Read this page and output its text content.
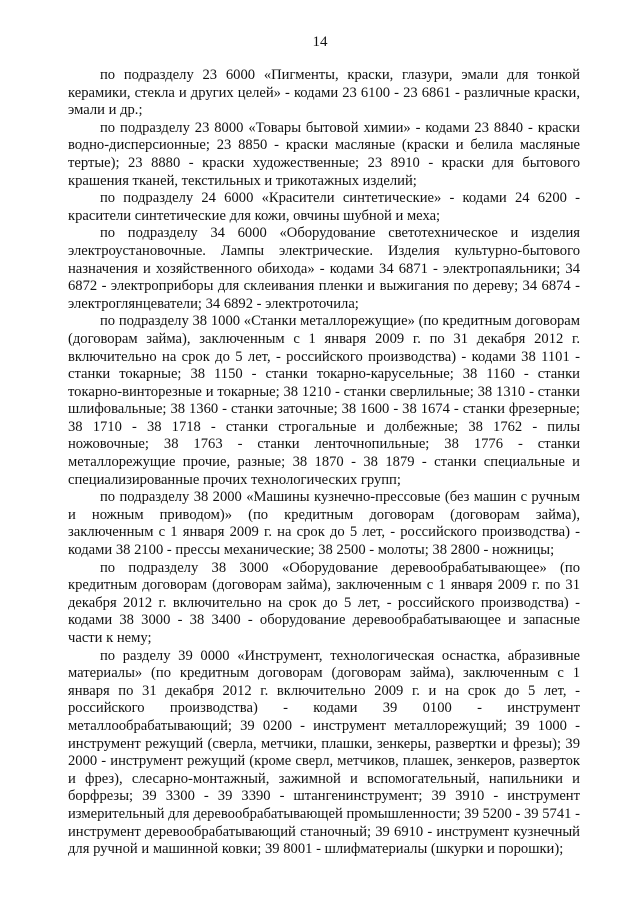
14

по подразделу 23 6000 «Пигменты, краски, глазури, эмали для тонкой керамики, стекла и других целей» - кодами 23 6100 - 23 6861 - различные краски, эмали и др.;

по подразделу 23 8000 «Товары бытовой химии» - кодами 23 8840 - краски водно-дисперсионные; 23 8850 - краски масляные (краски и белила масляные тертые); 23 8880 - краски художественные; 23 8910 - краски для бытового крашения тканей, текстильных и трикотажных изделий;

по подразделу 24 6000 «Красители синтетические» - кодами 24 6200 - красители синтетические для кожи, овчины шубной и меха;

по подразделу 34 6000 «Оборудование светотехническое и изделия электроустановочные. Лампы электрические. Изделия культурно-бытового назначения и хозяйственного обихода» - кодами 34 6871 - электропаяльники; 34 6872 - электроприборы для склеивания пленки и выжигания по дереву; 34 6874 - электроглянцеватели; 34 6892 - электроточила;

по подразделу 38 1000 «Станки металлорежущие» (по кредитным договорам (договорам займа), заключенным с 1 января 2009 г. по 31 декабря 2012 г. включительно на срок до 5 лет, - российского производства) - кодами 38 1101 - станки токарные; 38 1150 - станки токарно-карусельные; 38 1160 - станки токарно-винторезные и токарные; 38 1210 - станки сверлильные; 38 1310 - станки шлифовальные; 38 1360 - станки заточные; 38 1600 - 38 1674 - станки фрезерные; 38 1710 - 38 1718 - станки строгальные и долбежные; 38 1762 - пилы ножовочные; 38 1763 - станки ленточнопильные; 38 1776 - станки металлорежущие прочие, разные; 38 1870 - 38 1879 - станки специальные и специализированные прочих технологических групп;

по подразделу 38 2000 «Машины кузнечно-прессовые (без машин с ручным и ножным приводом)» (по кредитным договорам (договорам займа), заключенным с 1 января 2009 г. на срок до 5 лет, - российского производства) - кодами 38 2100 - прессы механические; 38 2500 - молоты; 38 2800 - ножницы;

по подразделу 38 3000 «Оборудование деревообрабатывающее» (по кредитным договорам (договорам займа), заключенным с 1 января 2009 г. по 31 декабря 2012 г. включительно на срок до 5 лет, - российского производства) - кодами 38 3000 - 38 3400 - оборудование деревообрабатывающее и запасные части к нему;

по разделу 39 0000 «Инструмент, технологическая оснастка, абразивные материалы» (по кредитным договорам (договорам займа), заключенным с 1 января по 31 декабря 2012 г. включительно 2009 г. и на срок до 5 лет, - российского производства) - кодами 39 0100 - инструмент металлообрабатывающий; 39 0200 - инструмент металлорежущий; 39 1000 - инструмент режущий (сверла, метчики, плашки, зенкеры, развертки и фрезы); 39 2000 - инструмент режущий (кроме сверл, метчиков, плашек, зенкеров, разверток и фрез), слесарно-монтажный, зажимной и вспомогательный, напильники и борфрезы; 39 3300 - 39 3390 - штангенинструмент; 39 3910 - инструмент измерительный для деревообрабатывающей промышленности; 39 5200 - 39 5741 - инструмент деревообрабатывающий станочный; 39 6910 - инструмент кузнечный для ручной и машинной ковки; 39 8001 - шлифматериалы (шкурки и порошки);
